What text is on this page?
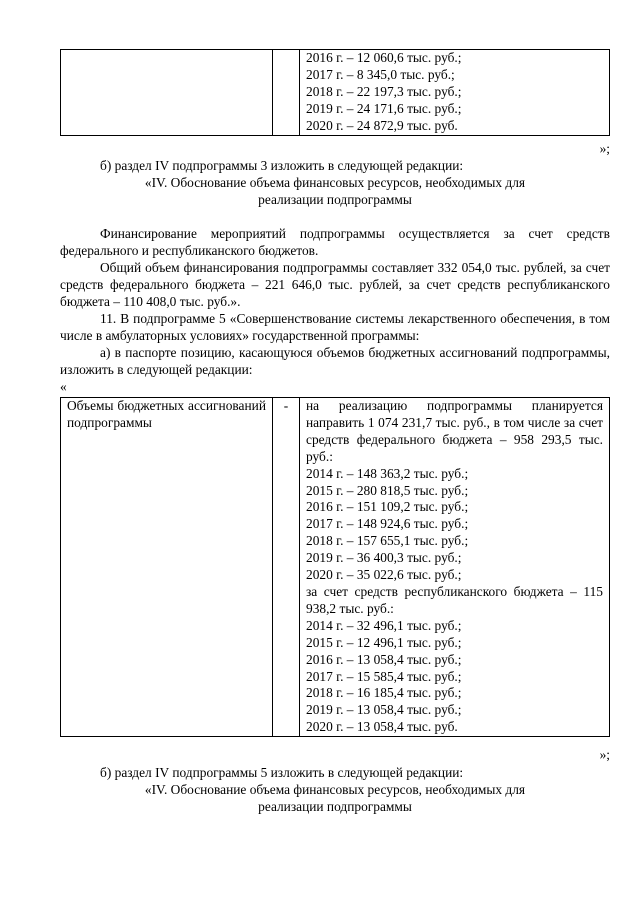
2016 г. – 12 060,6 тыс. руб.;
2017 г. – 8 345,0 тыс. руб.;
2018 г. – 22 197,3 тыс. руб.;
2019 г. – 24 171,6 тыс. руб.;
2020 г. – 24 872,9 тыс. руб.
»;
б) раздел IV подпрограммы 3 изложить в следующей редакции:
«IV. Обоснование объема финансовых ресурсов, необходимых для
реализации подпрограммы
Финансирование мероприятий подпрограммы осуществляется за счет средств федерального и республиканского бюджетов.
Общий объем финансирования подпрограммы составляет 332 054,0 тыс. рублей, за счет средств федерального бюджета – 221 646,0 тыс. рублей, за счет средств республиканского бюджета – 110 408,0 тыс. руб.».
11. В подпрограмме 5 «Совершенствование системы лекарственного обеспечения, в том числе в амбулаторных условиях» государственной программы:
а) в паспорте позицию, касающуюся объемов бюджетных ассигнований подпрограммы, изложить в следующей редакции:
«
Объемы бюджетных ассигнований подпрограммы	-	на реализацию подпрограммы планируется направить 1 074 231,7 тыс. руб., в том числе за счет средств федерального бюджета – 958 293,5 тыс. руб.:
2014 г. – 148 363,2 тыс. руб.;
2015 г. – 280 818,5 тыс. руб.;
2016 г. – 151 109,2 тыс. руб.;
2017 г. – 148 924,6 тыс. руб.;
2018 г. – 157 655,1 тыс. руб.;
2019 г. – 36 400,3 тыс. руб.;
2020 г. – 35 022,6 тыс. руб.;
за счет средств республиканского бюджета – 115 938,2 тыс. руб.:
2014 г. – 32 496,1 тыс. руб.;
2015 г. – 12 496,1 тыс. руб.;
2016 г. – 13 058,4 тыс. руб.;
2017 г. – 15 585,4 тыс. руб.;
2018 г. – 16 185,4 тыс. руб.;
2019 г. – 13 058,4 тыс. руб.;
2020 г. – 13 058,4 тыс. руб.
»;
б) раздел IV подпрограммы 5 изложить в следующей редакции:
«IV. Обоснование объема финансовых ресурсов, необходимых для
реализации подпрограммы
